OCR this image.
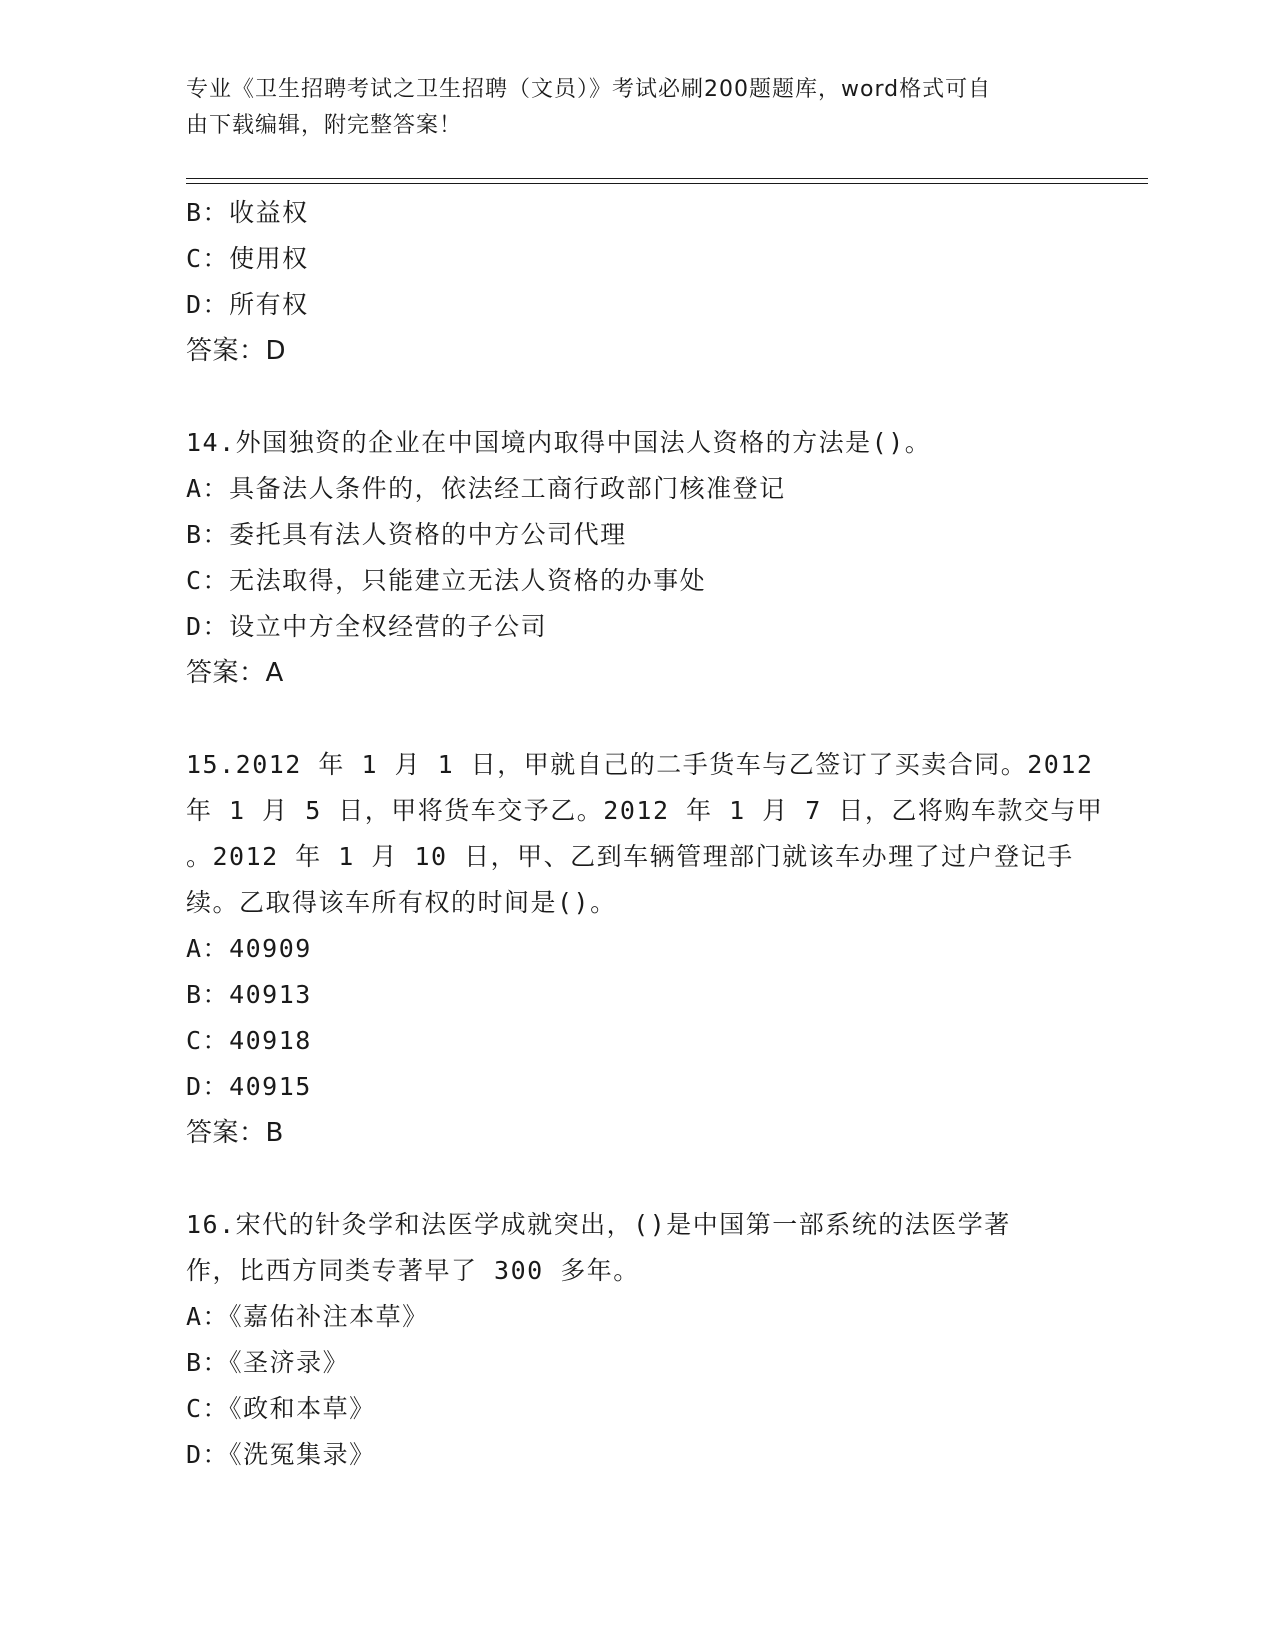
专业《卫生招聘考试之卫生招聘（文员）》考试必刷200题题库，word格式可自
由下载编辑，附完整答案！
B：收益权
C：使用权
D：所有权
答案：D
14.外国独资的企业在中国境内取得中国法人资格的方法是()。
A：具备法人条件的，依法经工商行政部门核准登记
B：委托具有法人资格的中方公司代理
C：无法取得，只能建立无法人资格的办事处
D：设立中方全权经营的子公司
答案：A
15.2012 年 1 月 1 日，甲就自己的二手货车与乙签订了买卖合同。2012
年 1 月 5 日，甲将货车交予乙。2012 年 1 月 7 日，乙将购车款交与甲
。2012 年 1 月 10 日，甲、乙到车辆管理部门就该车办理了过户登记手
续。乙取得该车所有权的时间是()。
A：40909
B：40913
C：40918
D：40915
答案：B
16.宋代的针灸学和法医学成就突出，()是中国第一部系统的法医学著
作，比西方同类专著早了 300 多年。
A：《嘉佑补注本草》
B：《圣济录》
C：《政和本草》
D：《洗冤集录》
